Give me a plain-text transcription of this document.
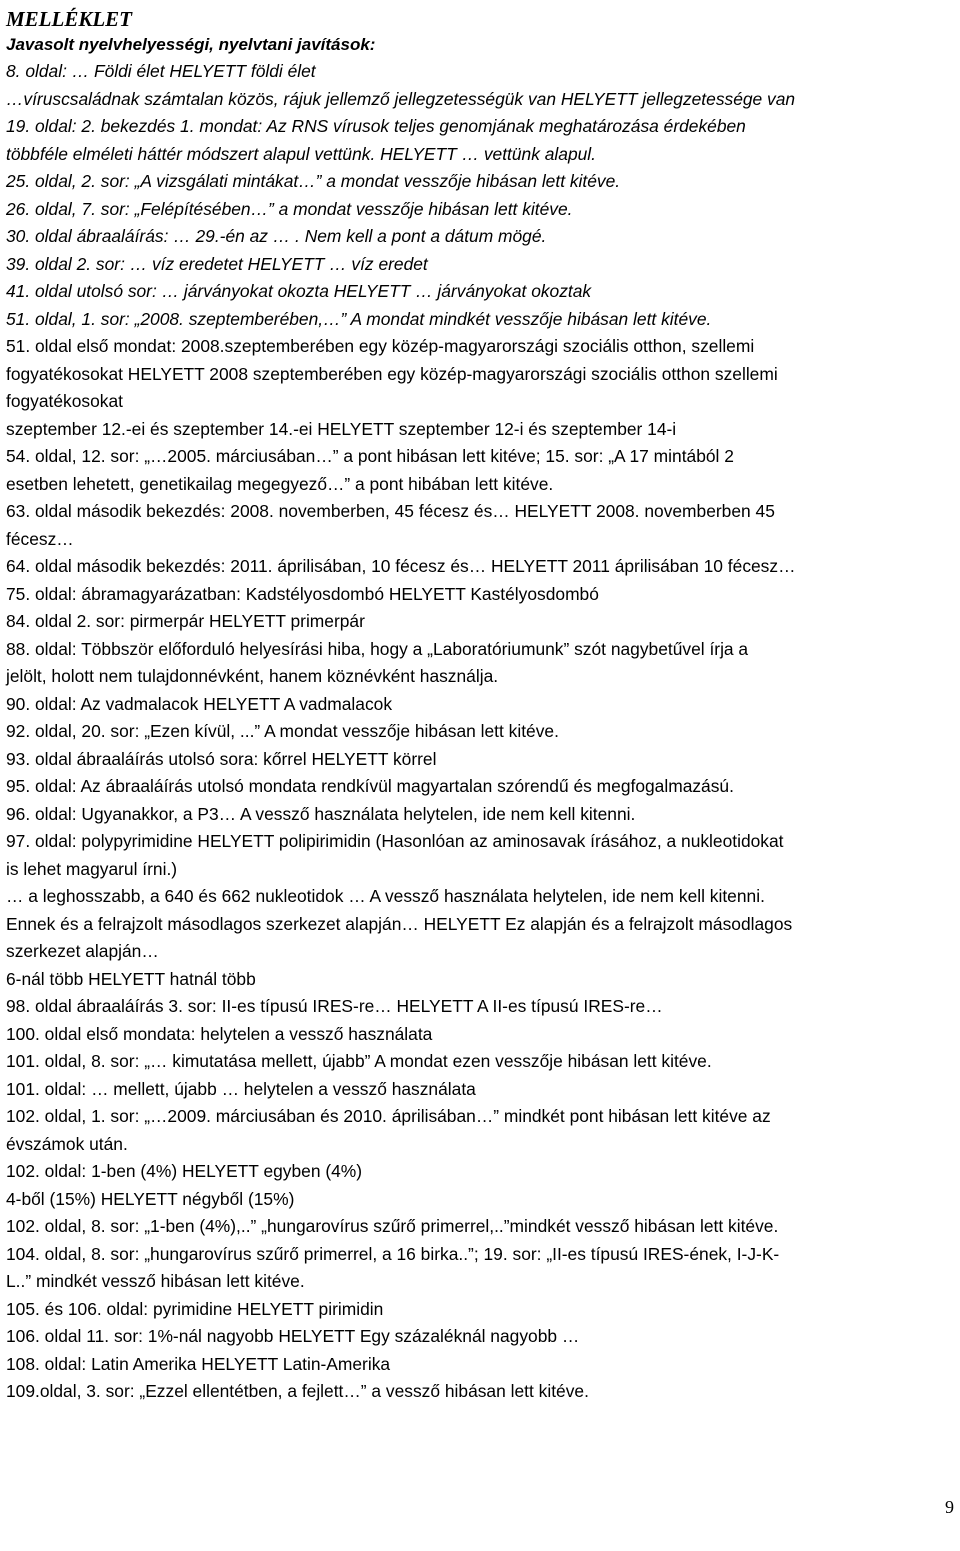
MELLÉKLET

Javasolt nyelvhelyességi, nyelvtani javítások:

8. oldal: … Földi élet HELYETT földi élet

…víruscsaládnak számtalan közös, rájuk jellemző jellegzetességük van HELYETT jellegzetessége van

19. oldal: 2. bekezdés 1. mondat: Az RNS vírusok teljes genomjának meghatározása érdekében

többféle elméleti háttér módszert alapul vettünk. HELYETT … vettünk alapul.

25. oldal, 2. sor: „A vizsgálati mintákat…” a mondat vesszője hibásan lett kitéve.

26. oldal, 7. sor: „Felépítésében…” a mondat vesszője hibásan lett kitéve.

30. oldal ábraaláírás: … 29.-én az … . Nem kell a pont a dátum mögé.

39. oldal 2. sor: … víz eredetet HELYETT … víz eredet

41. oldal utolsó sor: … járványokat okozta HELYETT … járványokat okoztak

51. oldal, 1. sor: „2008. szeptemberében,…” A mondat mindkét vesszője hibásan lett kitéve.

51. oldal első mondat: 2008.szeptemberében egy közép-magyarországi szociális otthon, szellemi

fogyatékosokat HELYETT 2008 szeptemberében egy közép-magyarországi szociális otthon szellemi

fogyatékosokat

szeptember 12.-ei és szeptember 14.-ei HELYETT szeptember 12-i és szeptember 14-i

54. oldal, 12. sor: „…2005. márciusában…” a pont hibásan lett kitéve; 15. sor: „A 17 mintából 2

esetben lehetett, genetikailag megegyező…” a pont hibában lett kitéve.

63. oldal második bekezdés: 2008. novemberben, 45 fécesz és… HELYETT 2008. novemberben 45

fécesz…

64. oldal második bekezdés: 2011. áprilisában, 10 fécesz és… HELYETT 2011 áprilisában 10 fécesz…

75. oldal: ábramagyarázatban: Kadstélyosdombó HELYETT Kastélyosdombó

84. oldal 2. sor: pirmerpár HELYETT primerpár

88. oldal: Többször előforduló helyesírási hiba, hogy a „Laboratóriumunk” szót nagybetűvel írja a

jelölt, holott nem tulajdonnévként, hanem köznévként használja.

90. oldal: Az vadmalacok HELYETT A vadmalacok

92. oldal, 20. sor: „Ezen kívül, ...” A mondat vesszője hibásan lett kitéve.

93. oldal ábraaláírás utolsó sora: kőrrel HELYETT körrel

95. oldal: Az ábraaláírás utolsó mondata rendkívül magyartalan szórendű és megfogalmazású.

96. oldal: Ugyanakkor, a P3… A vessző használata helytelen, ide nem kell kitenni.

97. oldal: polypyrimidine HELYETT polipirimidin (Hasonlóan az aminosavak írásához, a nukleotidokat

is lehet magyarul írni.)

… a leghosszabb, a 640 és 662 nukleotidok … A vessző használata helytelen, ide nem kell kitenni.

Ennek és a felrajzolt másodlagos szerkezet alapján… HELYETT Ez alapján és a felrajzolt másodlagos

szerkezet alapján…

6-nál több HELYETT hatnál több

98. oldal ábraaláírás 3. sor: II-es típusú IRES-re… HELYETT A II-es típusú IRES-re…

100. oldal első mondata: helytelen a vessző használata

101. oldal, 8. sor: „… kimutatása mellett, újabb” A mondat ezen vesszője hibásan lett kitéve.

101. oldal: … mellett, újabb … helytelen a vessző használata

102. oldal, 1. sor: „…2009. márciusában és 2010. áprilisában…” mindkét pont hibásan lett kitéve az

évszámok után.

102. oldal: 1-ben (4%) HELYETT egyben (4%)

4-ből (15%) HELYETT négyből (15%)

102. oldal, 8. sor: „1-ben (4%),..” „hungarovírus szűrő primerrel,..”mindkét vessző hibásan lett kitéve.

104. oldal, 8. sor: „hungarovírus szűrő primerrel, a 16 birka..”; 19. sor: „II-es típusú IRES-ének, I-J-K-

L..” mindkét vessző hibásan lett kitéve.

105. és 106. oldal: pyrimidine HELYETT pirimidin

106. oldal 11. sor: 1%-nál nagyobb HELYETT Egy százaléknál nagyobb …

108. oldal: Latin Amerika HELYETT Latin-Amerika

109.oldal, 3. sor: „Ezzel ellentétben, a fejlett…” a vessző hibásan lett kitéve.

9
